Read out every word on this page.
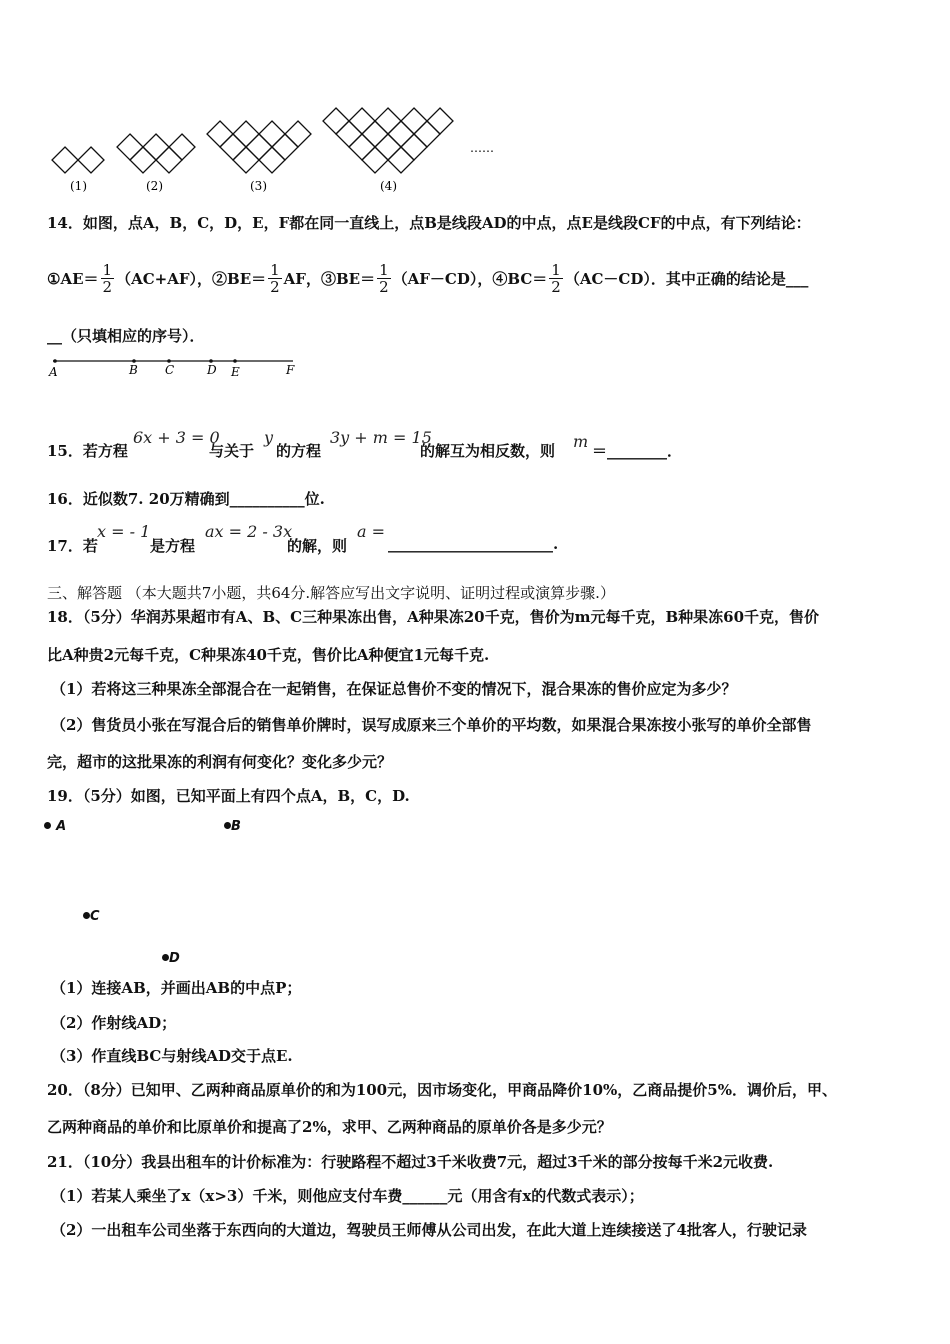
(1)	(2)	(3)	(4)
……
14．如图，点A，B，C，D，E，F都在同一直线上，点B是线段AD的中点，点E是线段CF的中点，有下列结论：
①AE＝ $\frac{1}{2} (AC+AF)$，②BE＝ $\frac{1}{2}$ AF，③BE＝ $\frac{1}{2} (AF-CD)$，④BC＝ $\frac{1}{2} (AC-CD)$．其中正确的结论是___
__（只填相应的序号）．
A	B C	D E	F
15．若方程
6x + 3 = 0
与关于
y
的方程
3y + m = 15
的解互为相反数，则 m ＝________．
16．近似数7. 20万精确到__________位.
17．若
x = - 1
是方程
ax = 2 - 3x
的解，则
a =
______________________.
三、解答题 （本大题共7小题，共64分.解答应写出文字说明、证明过程或演算步骤.）
18．（5分）华润苏果超市有A、B、C三种果冻出售，A种果冻20千克，售价为m元每千克，B种果冻60千克，售价
比A种贵2元每千克，C种果冻40千克，售价比A种便宜1元每千克.
（1）若将这三种果冻全部混合在一起销售，在保证总售价不变的情况下，混合果冻的售价应定为多少？
（2）售货员小张在写混合后的销售单价牌时，误写成原来三个单价的平均数，如果混合果冻按小张写的单价全部售
完，超市的这批果冻的利润有何变化？变化多少元？
19．（5分）如图，已知平面上有四个点A，B，C，D.
A	B
C
D
（1）连接AB，并画出AB的中点P；
（2）作射线AD；
（3）作直线BC与射线AD交于点E.
20．（8分）已知甲、乙两种商品原单价的和为100元，因市场变化，甲商品降价10%，乙商品提价5%．调价后，甲、
乙两种商品的单价和比原单价和提高了2%，求甲、乙两种商品的原单价各是多少元？
21．（10分）我县出租车的计价标准为：行驶路程不超过3千米收费7元，超过3千米的部分按每千米2元收费.
（1）若某人乘坐了x（x>3）千米，则他应支付车费______元（用含有x的代数式表示）；
（2）一出租车公司坐落于东西向的大道边，驾驶员王师傅从公司出发，在此大道上连续接送了4批客人，行驶记录
